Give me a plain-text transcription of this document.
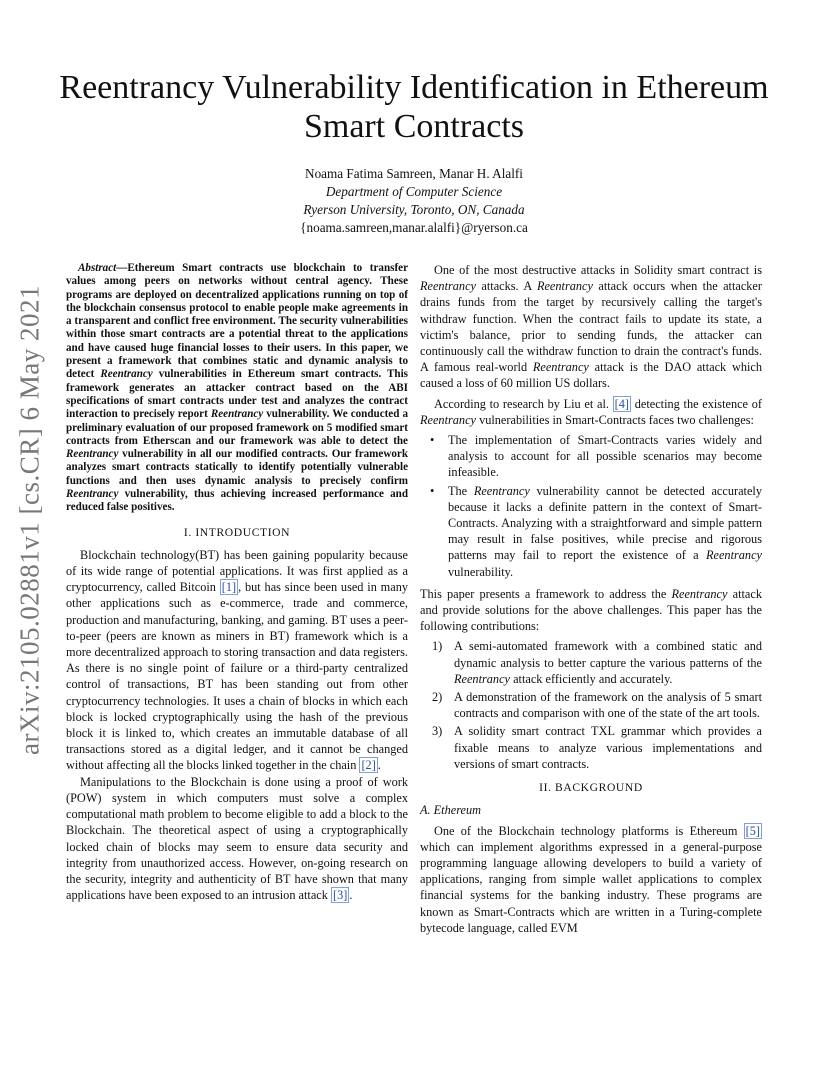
arXiv:2105.02881v1 [cs.CR] 6 May 2021
Reentrancy Vulnerability Identification in Ethereum
Smart Contracts
Noama Fatima Samreen, Manar H. Alalfi
Department of Computer Science
Ryerson University, Toronto, ON, Canada
{noama.samreen,manar.alalfi}@ryerson.ca

Abstract—Ethereum Smart contracts use blockchain to transfer values among peers on networks without central agency. These programs are deployed on decentralized applications running on top of the blockchain consensus protocol to enable people make agreements in a transparent and conflict free environment. The security vulnerabilities within those smart contracts are a potential threat to the applications and have caused huge financial losses to their users. In this paper, we present a framework that combines static and dynamic analysis to detect Reentrancy vulnerabilities in Ethereum smart contracts. This framework generates an attacker contract based on the ABI specifications of smart contracts under test and analyzes the contract interaction to precisely report Reentrancy vulnerability. We conducted a preliminary evaluation of our proposed framework on 5 modified smart contracts from Etherscan and our framework was able to detect the Reentrancy vulnerability in all our modified contracts. Our framework analyzes smart contracts statically to identify potentially vulnerable functions and then uses dynamic analysis to precisely confirm Reentrancy vulnerability, thus achieving increased performance and reduced false positives.

I. INTRODUCTION

Blockchain technology(BT) has been gaining popularity because of its wide range of potential applications. It was first applied as a cryptocurrency, called Bitcoin [1] , but has since been used in many other applications such as e-commerce, trade and commerce, production and manufacturing, banking, and gaming. BT uses a peer-to-peer (peers are known as miners in BT) framework which is a more decentralized approach to storing transaction and data registers. As there is no single point of failure or a third-party centralized control of transactions, BT has been standing out from other cryptocurrency technologies. It uses a chain of blocks in which each block is locked cryptographically using the hash of the previous block it is linked to, which creates an immutable database of all transactions stored as a digital ledger, and it cannot be changed without affecting all the blocks linked together in the chain [2] .

Manipulations to the Blockchain is done using a proof of work (POW) system in which computers must solve a complex computational math problem to become eligible to add a block to the Blockchain. The theoretical aspect of using a cryptographically locked chain of blocks may seem to ensure data security and integrity from unauthorized access. However, on-going research on the security, integrity and authenticity of BT have shown that many applications have been exposed to an intrusion attack [3] .

One of the most destructive attacks in Solidity smart contract is Reentrancy attacks. A Reentrancy attack occurs when the attacker drains funds from the target by recursively calling the target's withdraw function. When the contract fails to update its state, a victim's balance, prior to sending funds, the attacker can continuously call the withdraw function to drain the contract's funds. A famous real-world Reentrancy attack is the DAO attack which caused a loss of 60 million US dollars.

According to research by Liu et al. [4] detecting the existence of Reentrancy vulnerabilities in Smart-Contracts faces two challenges:

• The implementation of Smart-Contracts varies widely and analysis to account for all possible scenarios may become infeasible.
• The Reentrancy vulnerability cannot be detected accurately because it lacks a definite pattern in the context of Smart-Contracts. Analyzing with a straightforward and simple pattern may result in false positives, while precise and rigorous patterns may fail to report the existence of a Reentrancy vulnerability.

This paper presents a framework to address the Reentrancy attack and provide solutions for the above challenges. This paper has the following contributions:

1) A semi-automated framework with a combined static and dynamic analysis to better capture the various patterns of the Reentrancy attack efficiently and accurately.
2) A demonstration of the framework on the analysis of 5 smart contracts and comparison with one of the state of the art tools.
3) A solidity smart contract TXL grammar which provides a fixable means to analyze various implementations and versions of smart contracts.
II. BACKGROUND
A. Ethereum

One of the Blockchain technology platforms is Ethereum [5] which can implement algorithms expressed in a general-purpose programming language allowing developers to build a variety of applications, ranging from simple wallet applications to complex financial systems for the banking industry. These programs are known as Smart-Contracts which are written in a Turing-complete bytecode language, called EVM
